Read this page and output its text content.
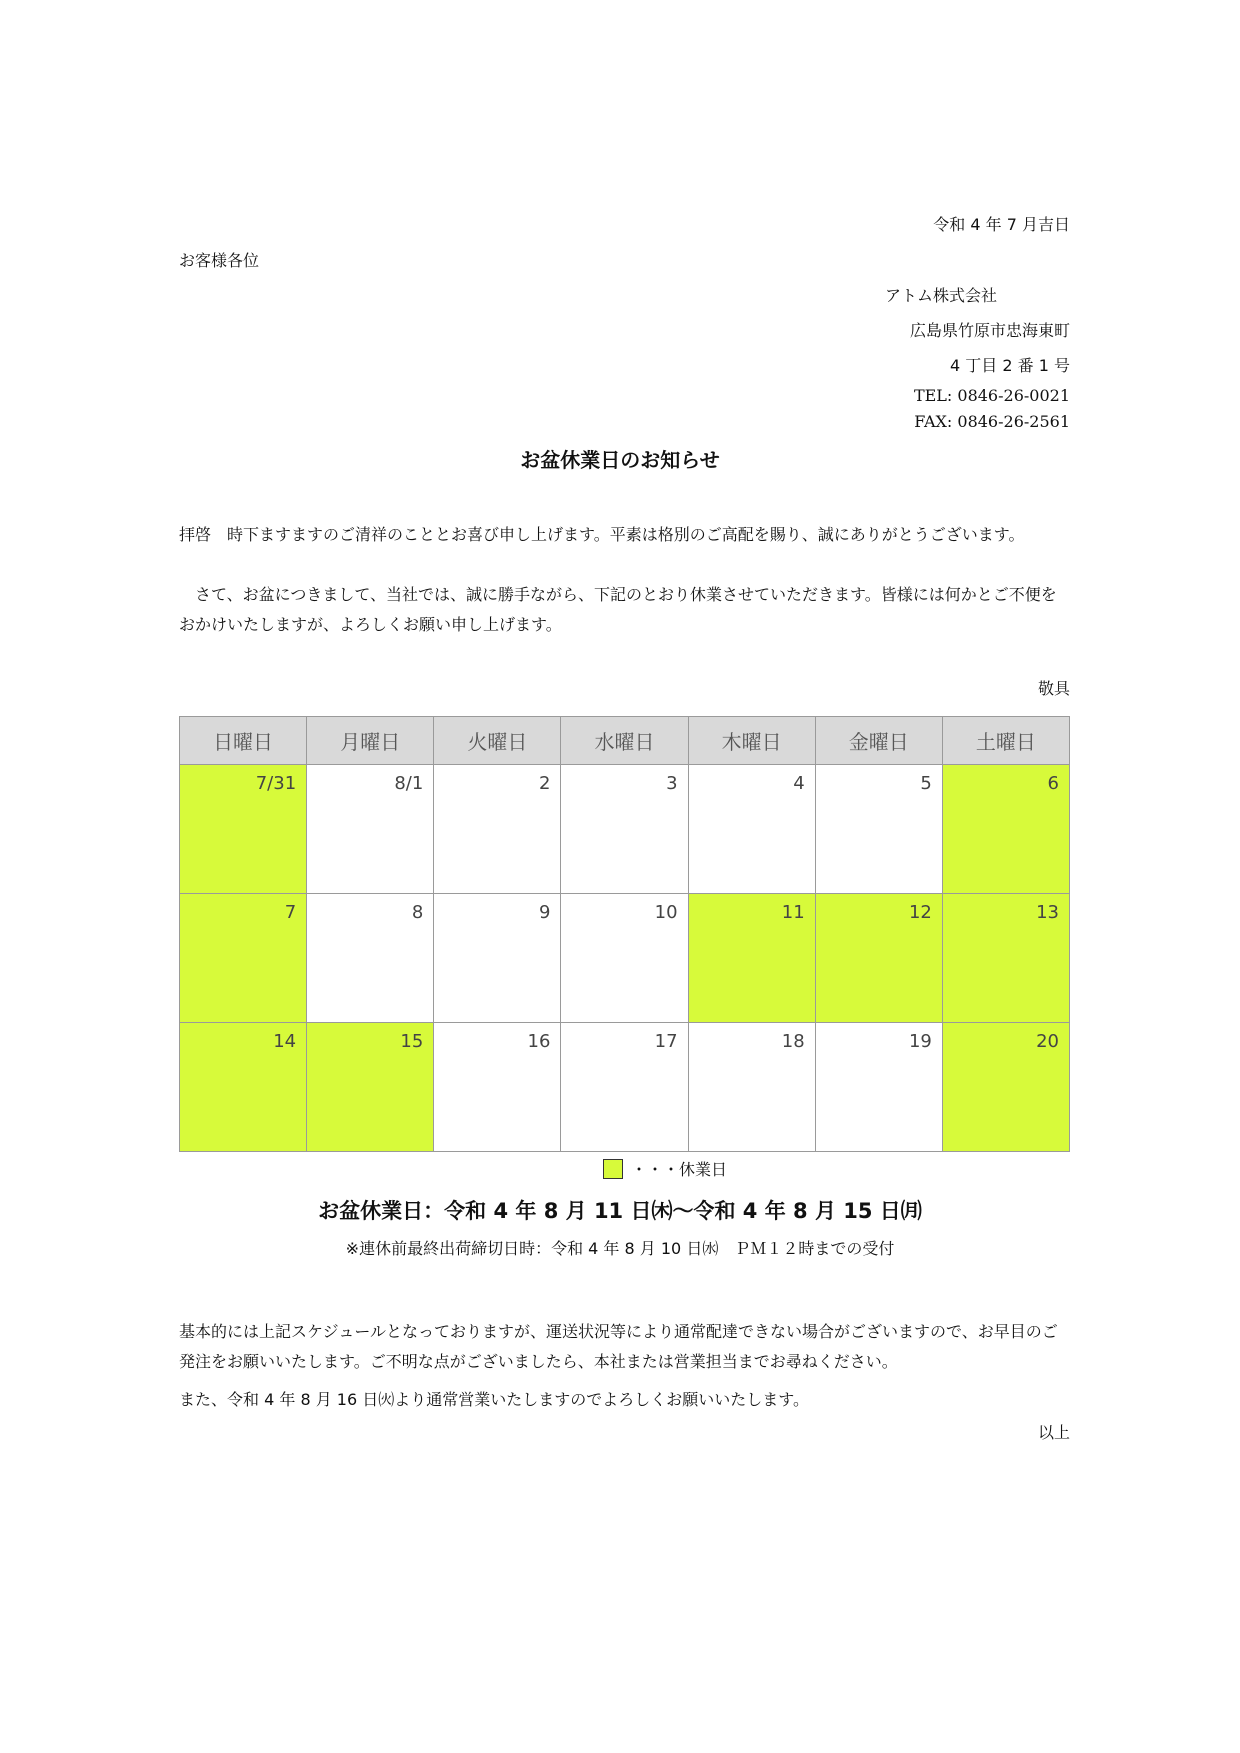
令和 4 年 7 月吉日
お客様各位
アトム株式会社
広島県竹原市忠海東町
4 丁目 2 番 1 号
TEL: 0846-26-0021
FAX: 0846-26-2561
お盆休業日のお知らせ
拝啓　時下ますますのご清祥のこととお喜び申し上げます。平素は格別のご高配を賜り、誠にありがとうございます。
　さて、お盆につきまして、当社では、誠に勝手ながら、下記のとおり休業させていただきます。皆様には何かとご不便をおかけいたしますが、よろしくお願い申し上げます。
敬具
日曜日	月曜日	火曜日	水曜日	木曜日	金曜日	土曜日
7/31	8/1	2	3	4	5	6
7	8	9	10	11	12	13
14	15	16	17	18	19	20
・・・休業日
お盆休業日：令和 4 年 8 月 11 日㈭～令和 4 年 8 月 15 日㈪
※連休前最終出荷締切日時：令和 4 年 8 月 10 日㈬　ＰＭ１２時までの受付
基本的には上記スケジュールとなっておりますが、運送状況等により通常配達できない場合がございますので、お早目のご発注をお願いいたします。ご不明な点がございましたら、本社または営業担当までお尋ねください。
また、令和 4 年 8 月 16 日㈫より通常営業いたしますのでよろしくお願いいたします。
以上
